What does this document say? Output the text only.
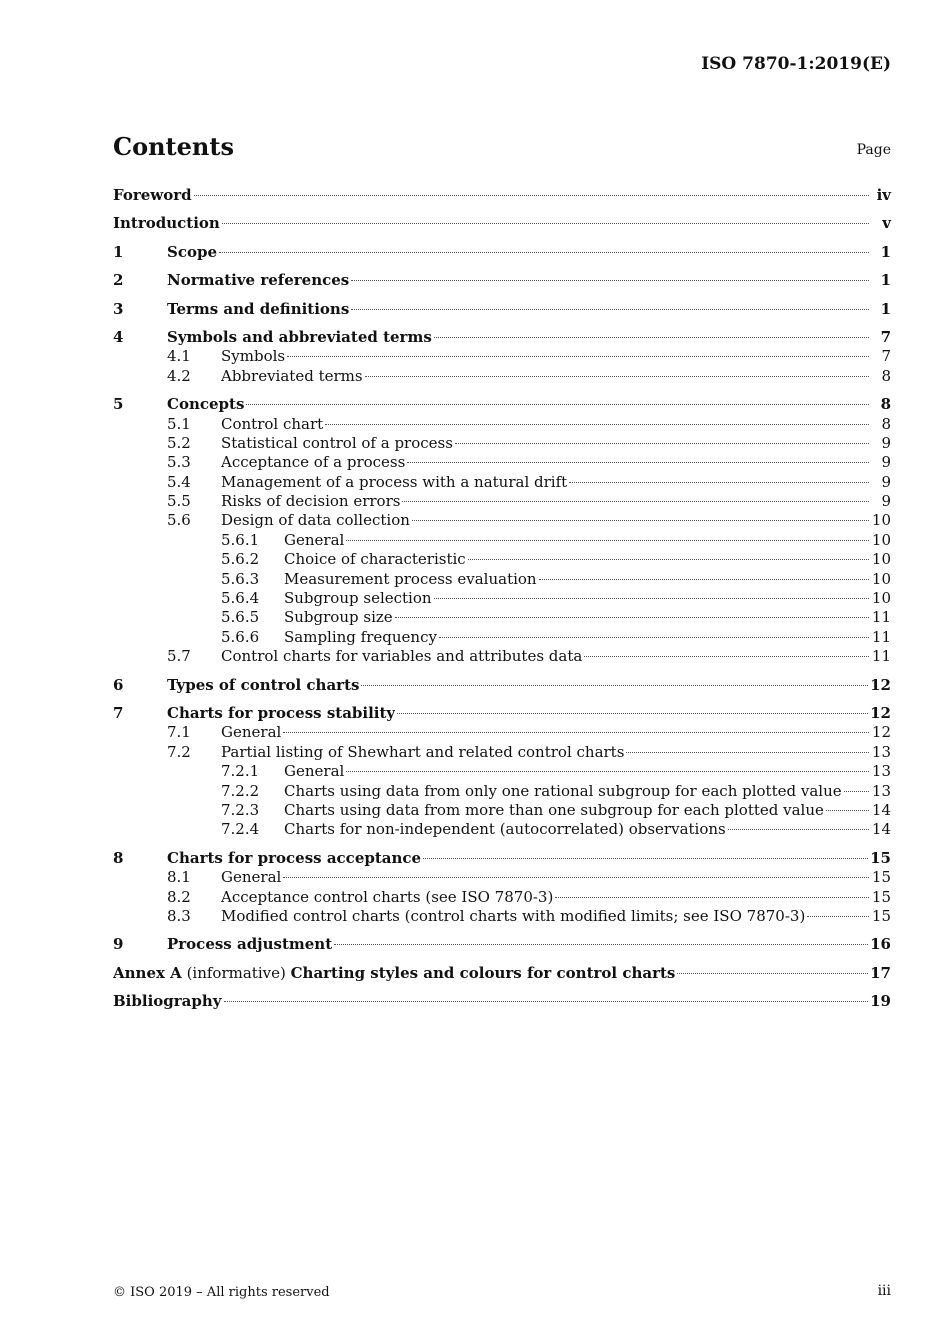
ISO 7870-1:2019(E)
Contents	Page
Foreword	iv
Introduction	v
1	Scope	1
2	Normative references	1
3	Terms and definitions	1
4	Symbols and abbreviated terms	7
4.1	Symbols	7
4.2	Abbreviated terms	8
5	Concepts	8
5.1	Control chart	8
5.2	Statistical control of a process	9
5.3	Acceptance of a process	9
5.4	Management of a process with a natural drift	9
5.5	Risks of decision errors	9
5.6	Design of data collection	10
5.6.1	General	10
5.6.2	Choice of characteristic	10
5.6.3	Measurement process evaluation	10
5.6.4	Subgroup selection	10
5.6.5	Subgroup size	11
5.6.6	Sampling frequency	11
5.7	Control charts for variables and attributes data	11
6	Types of control charts	12
7	Charts for process stability	12
7.1	General	12
7.2	Partial listing of Shewhart and related control charts	13
7.2.1	General	13
7.2.2	Charts using data from only one rational subgroup for each plotted value 13
7.2.3	Charts using data from more than one subgroup for each plotted value	14
7.2.4	Charts for non-independent (autocorrelated) observations	14
8	Charts for process acceptance	15
8.1	General	15
8.2	Acceptance control charts (see ISO 7870-3)	15
8.3	Modified control charts (control charts with modified limits; see ISO 7870-3)	15
9	Process adjustment	16
Annex A (informative) Charting styles and colours for control charts	17
Bibliography	19
© ISO 2019 – All rights reserved	iii
